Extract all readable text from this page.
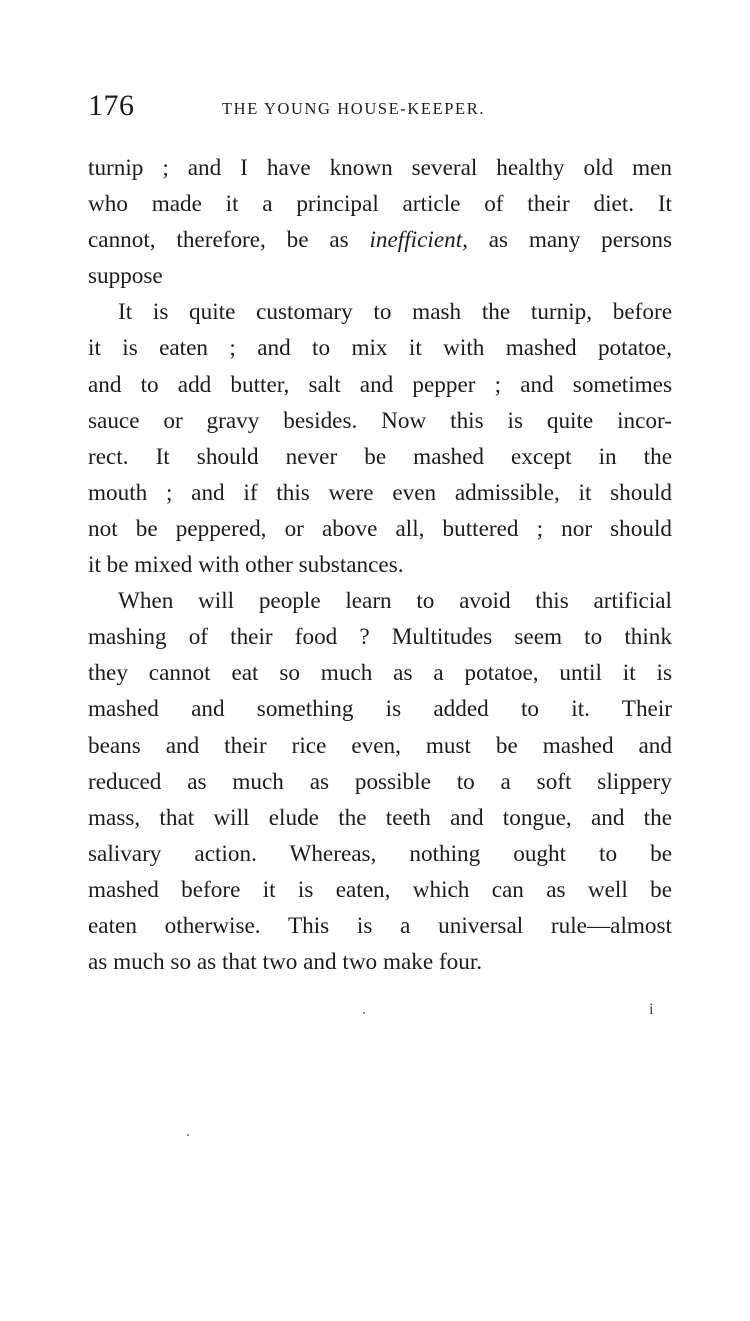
176	THE YOUNG HOUSE-KEEPER.
turnip ; and I have known several healthy old men
who made it a principal article of their diet. It
cannot, therefore, be as inefficient, as many persons
suppose
It is quite customary to mash the turnip, before
it is eaten ; and to mix it with mashed potatoe,
and to add butter, salt and pepper ; and sometimes
sauce or gravy besides. Now this is quite incor-
rect. It should never be mashed except in the
mouth ; and if this were even admissible, it should
not be peppered, or above all, buttered ; nor should
it be mixed with other substances.
When will people learn to avoid this artificial
mashing of their food ? Multitudes seem to think
they cannot eat so much as a potatoe, until it is
mashed and something is added to it. Their
beans and their rice even, must be mashed and
reduced as much as possible to a soft slippery
mass, that will elude the teeth and tongue, and the
salivary action. Whereas, nothing ought to be
mashed before it is eaten, which can as well be
eaten otherwise. This is a universal rule—almost
as much so as that two and two make four.
i
